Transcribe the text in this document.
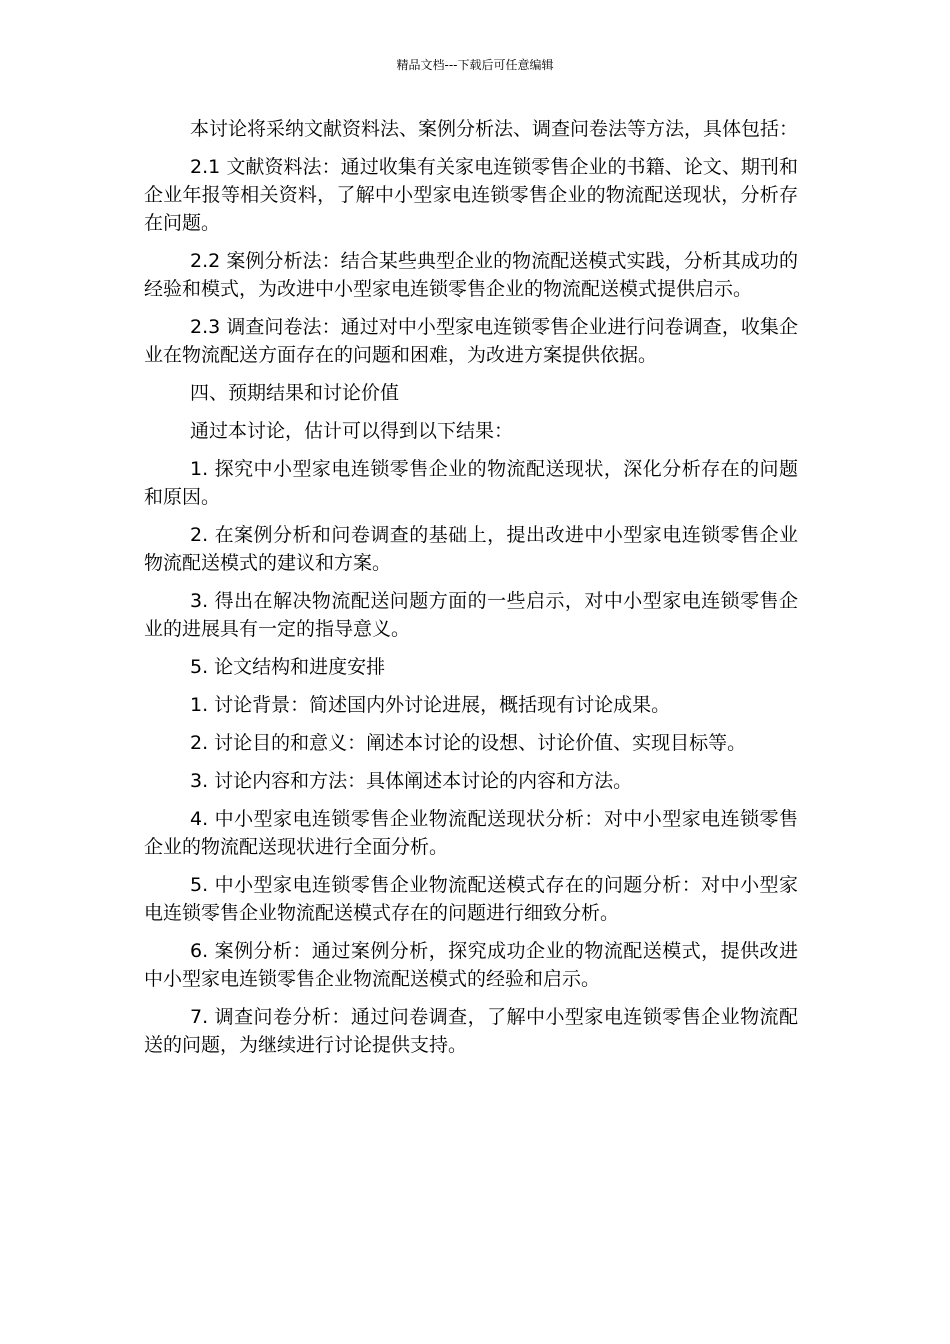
精品文档---下载后可任意编辑

本讨论将采纳文献资料法、案例分析法、调查问卷法等方法，具体包括：

2.1 文献资料法：通过收集有关家电连锁零售企业的书籍、论文、期刊和企业年报等相关资料，了解中小型家电连锁零售企业的物流配送现状，分析存在问题。

2.2 案例分析法：结合某些典型企业的物流配送模式实践，分析其成功的经验和模式，为改进中小型家电连锁零售企业的物流配送模式提供启示。

2.3 调查问卷法：通过对中小型家电连锁零售企业进行问卷调查，收集企业在物流配送方面存在的问题和困难，为改进方案提供依据。

四、预期结果和讨论价值

通过本讨论，估计可以得到以下结果：

1. 探究中小型家电连锁零售企业的物流配送现状，深化分析存在的问题和原因。

2. 在案例分析和问卷调查的基础上，提出改进中小型家电连锁零售企业物流配送模式的建议和方案。

3. 得出在解决物流配送问题方面的一些启示，对中小型家电连锁零售企业的进展具有一定的指导意义。

5. 论文结构和进度安排

1. 讨论背景：简述国内外讨论进展，概括现有讨论成果。

2. 讨论目的和意义：阐述本讨论的设想、讨论价值、实现目标等。

3. 讨论内容和方法：具体阐述本讨论的内容和方法。

4. 中小型家电连锁零售企业物流配送现状分析：对中小型家电连锁零售企业的物流配送现状进行全面分析。

5. 中小型家电连锁零售企业物流配送模式存在的问题分析：对中小型家电连锁零售企业物流配送模式存在的问题进行细致分析。

6. 案例分析：通过案例分析，探究成功企业的物流配送模式，提供改进中小型家电连锁零售企业物流配送模式的经验和启示。

7. 调查问卷分析：通过问卷调查，了解中小型家电连锁零售企业物流配送的问题，为继续进行讨论提供支持。
